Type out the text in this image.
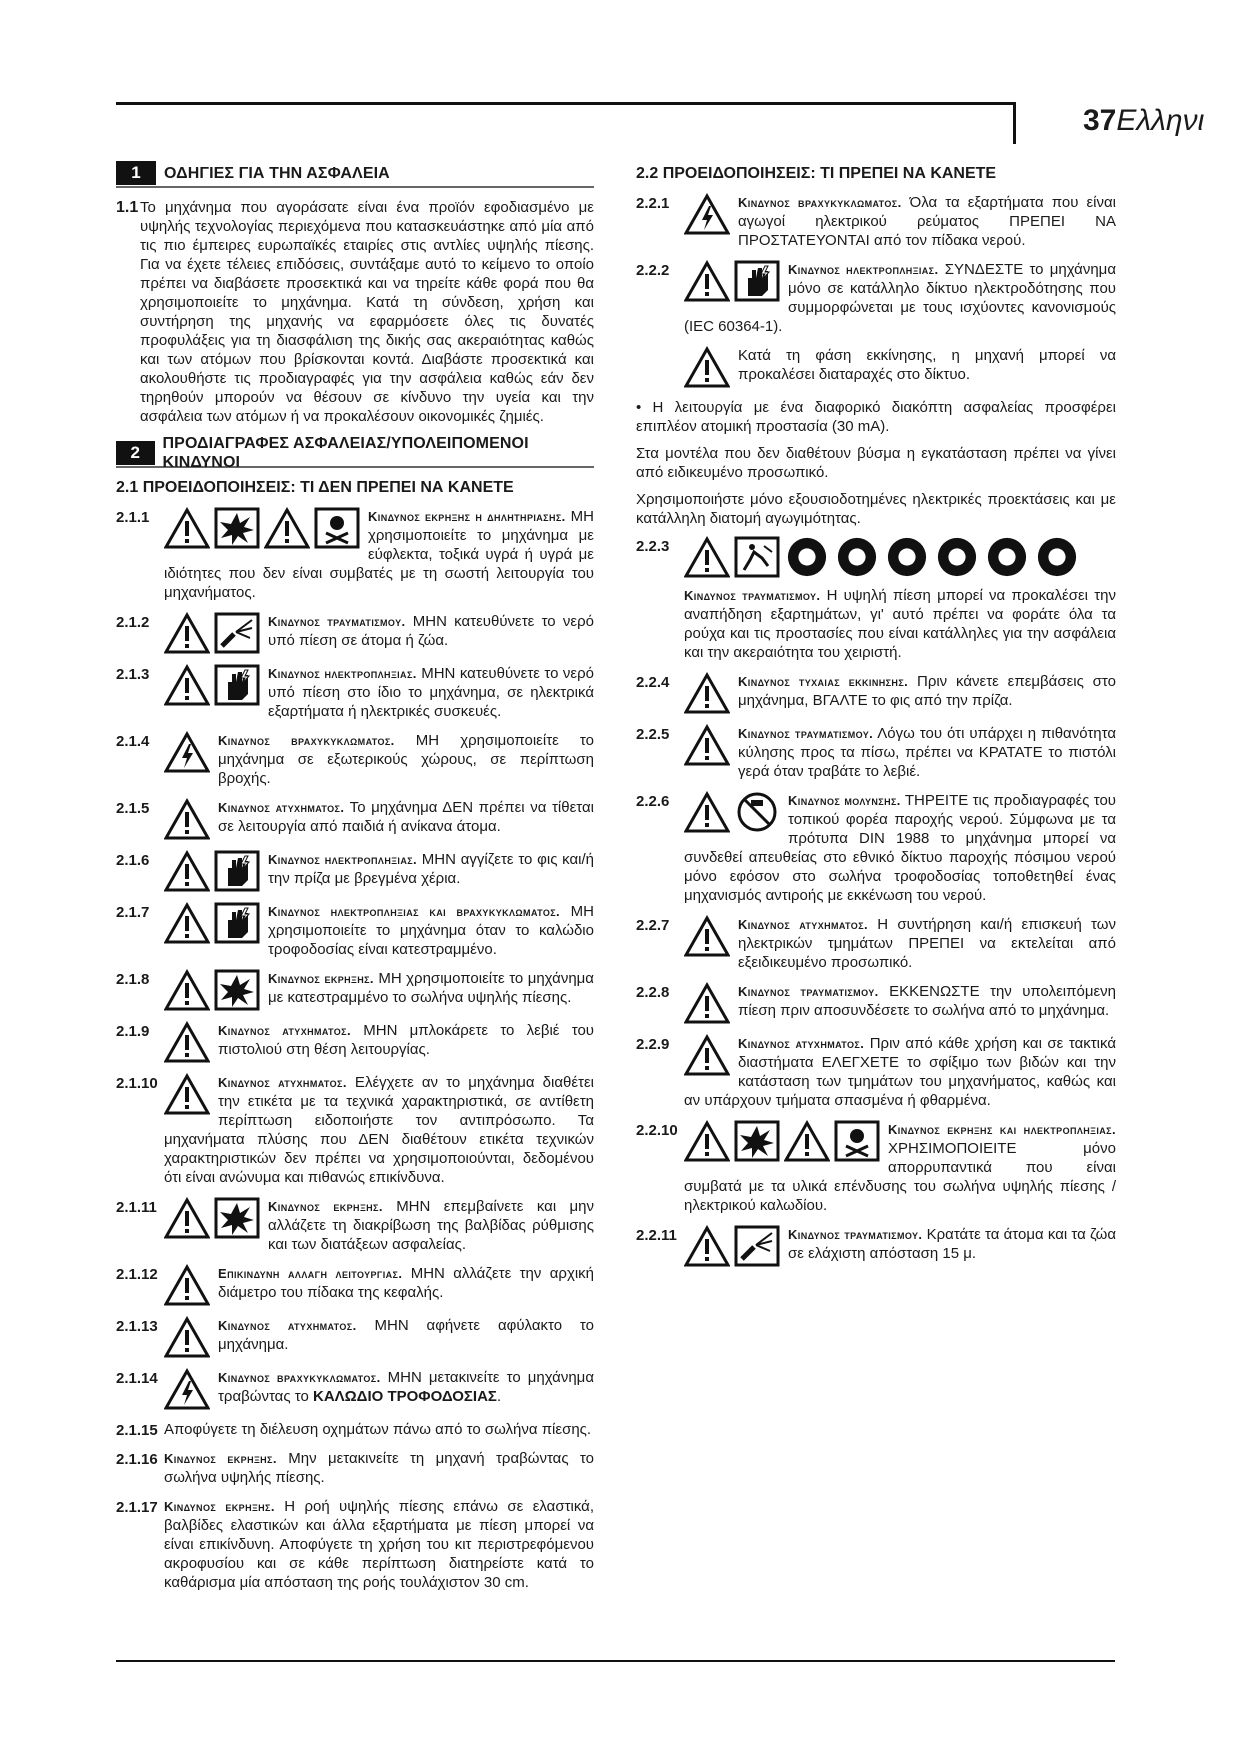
37Ελληνι
1	ΟΔΗΓΙΕΣ ΓΙΑ ΤΗΝ ΑΣΦΑΛΕΙΑ
1.1 Το μηχάνημα που αγοράσατε είναι ένα προϊόν εφοδιασμένο με υψηλής τεχνολογίας περιεχόμενα που κατασκευάστηκε από μία από τις πιο έμπειρες ευρωπαϊκές εταιρίες στις αντλίες υψηλής πίεσης. Για να έχετε τέλειες επιδόσεις, συντάξαμε αυτό το κείμενο το οποίο πρέπει να διαβάσετε προσεκτικά και να τηρείτε κάθε φορά που θα χρησιμοποιείτε το μηχάνημα. Κατά τη σύνδεση, χρήση και συντήρηση της μηχανής να εφαρμόσετε όλες τις δυνατές προφυλάξεις για τη διασφάλιση της δικής σας ακεραιότητας καθώς και των ατόμων που βρίσκονται κοντά. Διαβάστε προσεκτικά και ακολουθήστε τις προδιαγραφές για την ασφάλεια καθώς εάν δεν τηρηθούν μπορούν να θέσουν σε κίνδυνο την υγεία και την ασφάλεια των ατόμων ή να προκαλέσουν οικονομικές ζημιές.
2	ΠΡΟΔΙΑΓΡΑΦΕΣ ΑΣΦΑΛΕΙΑΣ/ΥΠΟΛΕΙΠΟΜΕΝΟΙ ΚΙΝΔΥΝΟΙ
2.1 ΠΡΟΕΙΔΟΠΟΙΗΣΕΙΣ: ΤΙ ΔΕΝ ΠΡΕΠΕΙ ΝΑ ΚΑΝΕΤΕ
2.1.1	Κινδυνος εκρηξης η δηλητηριασης. ΜΗ χρησιμοποιείτε το μηχάνημα με εύφλεκτα, τοξικά υγρά ή υγρά με ιδιότητες που δεν είναι συμβατές με τη σωστή λειτουργία του μηχανήματος.
2.1.2	Κινδυνος τραυματισμου. ΜΗΝ κατευθύνετε το νερό υπό πίεση σε άτομα ή ζώα.
2.1.3	Κινδυνος ηλεκτροπληξιας. ΜΗΝ κατευθύνετε το νερό υπό πίεση στο ίδιο το μηχάνημα, σε ηλεκτρικά εξαρτήματα ή ηλεκτρικές συσκευές.
2.1.4	Κινδυνος βραχυκυκλωματος. ΜΗ χρησιμοποιείτε το μηχάνημα σε εξωτερικούς χώρους, σε περίπτωση βροχής.
2.1.5	Κινδυνος ατυχηματος. Το μηχάνημα ΔΕΝ πρέπει να τίθεται σε λειτουργία από παιδιά ή ανίκανα άτομα.
2.1.6	Κινδυνος ηλεκτροπληξιας. ΜΗΝ αγγίζετε το φις και/ή την πρίζα με βρεγμένα χέρια.
2.1.7	Κινδυνος ηλεκτροπληξιας και βραχυκυκλωματος. ΜΗ χρησιμοποιείτε το μηχάνημα όταν το καλώδιο τροφοδοσίας είναι κατεστραμμένο.
2.1.8	Κινδυνος εκρηξης. ΜΗ χρησιμοποιείτε το μηχάνημα με κατεστραμμένο το σωλήνα υψηλής πίεσης.
2.1.9	Κινδυνος ατυχηματος. ΜΗΝ μπλοκάρετε το λεβιέ του πιστολιού στη θέση λειτουργίας.
2.1.10	Κινδυνος ατυχηματος. Ελέγχετε αν το μηχάνημα διαθέτει την ετικέτα με τα τεχνικά χαρακτηριστικά, σε αντίθετη περίπτωση ειδοποιήστε τον αντιπρόσωπο. Τα μηχανήματα πλύσης που ΔΕΝ διαθέτουν ετικέτα τεχνικών χαρακτηριστικών δεν πρέπει να χρησιμοποιούνται, δεδομένου ότι είναι ανώνυμα και πιθανώς επικίνδυνα.
2.1.11	Κινδυνος εκρηξης. ΜΗΝ επεμβαίνετε και μην αλλάζετε τη διακρίβωση της βαλβίδας ρύθμισης και των διατάξεων ασφαλείας.
2.1.12	Επικινδυνη αλλαγη λειτουργιας. ΜΗΝ αλλάζετε την αρχική διάμετρο του πίδακα της κεφαλής.
2.1.13	Κινδυνος ατυχηματος. ΜΗΝ αφήνετε αφύλακτο το μηχάνημα.
2.1.14	Κινδυνος βραχυκυκλωματος. ΜΗΝ μετακινείτε το μηχάνημα τραβώντας το ΚΑΛΩΔΙΟ ΤΡΟΦΟΔΟΣΙΑΣ.
2.1.15 Αποφύγετε τη διέλευση οχημάτων πάνω από το σωλήνα πίεσης.
2.1.16 Κινδυνος εκρηξης. Μην μετακινείτε τη μηχανή τραβώντας το σωλήνα υψηλής πίεσης.
2.1.17 Κινδυνος εκρηξης. Η ροή υψηλής πίεσης επάνω σε ελαστικά, βαλβίδες ελαστικών και άλλα εξαρτήματα με πίεση μπορεί να είναι επικίνδυνη. Αποφύγετε τη χρήση του κιτ περιστρεφόμενου ακροφυσίου και σε κάθε περίπτωση διατηρείστε κατά το καθάρισμα μία απόσταση της ροής τουλάχιστον 30 cm.
2.2 ΠΡΟΕΙΔΟΠΟΙΗΣΕΙΣ: ΤΙ ΠΡΕΠΕΙ ΝΑ ΚΑΝΕΤΕ
2.2.1	Κινδυνος βραχυκυκλωματος. Όλα τα εξαρτήματα που είναι αγωγοί ηλεκτρικού ρεύματος ΠΡΕΠΕΙ ΝΑ ΠΡΟΣΤΑΤΕΥΟΝΤΑΙ από τον πίδακα νερού.
2.2.2	Κινδυνος ηλεκτροπληξιας. ΣΥΝΔΕΣΤΕ το μηχάνημα μόνο σε κατάλληλο δίκτυο ηλεκτροδότησης που συμμορφώνεται με τους ισχύοντες κανονισμούς (IEC 60364-1).
Κατά τη φάση εκκίνησης, η μηχανή μπορεί να προκαλέσει διαταραχές στο δίκτυο.
• Η λειτουργία με ένα διαφορικό διακόπτη ασφαλείας προσφέρει επιπλέον ατομική προστασία (30 mA).
Στα μοντέλα που δεν διαθέτουν βύσμα η εγκατάσταση πρέπει να γίνει από ειδικευμένο προσωπικό.
Χρησιμοποιήστε μόνο εξουσιοδοτημένες ηλεκτρικές προεκτάσεις και με κατάλληλη διατομή αγωγιμότητας.
2.2.3
Κινδυνος τραυματισμου. Η υψηλή πίεση μπορεί να προκαλέσει την αναπήδηση εξαρτημάτων, γι' αυτό πρέπει να φοράτε όλα τα ρούχα και τις προστασίες που είναι κατάλληλες για την ασφάλεια και την ακεραιότητα του χειριστή.
2.2.4	Κινδυνος τυχαιας εκκινησης. Πριν κάνετε επεμβάσεις στο μηχάνημα, ΒΓΑΛΤΕ το φις από την πρίζα.
2.2.5	Κινδυνος τραυματισμου. Λόγω του ότι υπάρχει η πιθανότητα κύλησης προς τα πίσω, πρέπει να ΚΡΑΤΑΤΕ το πιστόλι γερά όταν τραβάτε το λεβιέ.
2.2.6	Κινδυνος μολυνσης. ΤΗΡΕΙΤΕ τις προδιαγραφές του τοπικού φορέα παροχής νερού. Σύμφωνα με τα πρότυπα DIN 1988 το μηχάνημα μπορεί να συνδεθεί απευθείας στο εθνικό δίκτυο παροχής πόσιμου νερού μόνο εφόσον στο σωλήνα τροφοδοσίας τοποθετηθεί ένας μηχανισμός αντιροής με εκκένωση του νερού.
2.2.7	Κινδυνος ατυχηματος. Η συντήρηση και/ή επισκευή των ηλεκτρικών τμημάτων ΠΡΕΠΕΙ να εκτελείται από εξειδικευμένο προσωπικό.
2.2.8	Κινδυνος τραυματισμου. ΕΚΚΕΝΩΣΤΕ την υπολειπόμενη πίεση πριν αποσυνδέσετε το σωλήνα από το μηχάνημα.
2.2.9	Κινδυνος ατυχηματος. Πριν από κάθε χρήση και σε τακτικά διαστήματα ΕΛΕΓΧΕΤΕ το σφίξιμο των βιδών και την κατάσταση των τμημάτων του μηχανήματος, καθώς και αν υπάρχουν τμήματα σπασμένα ή φθαρμένα.
2.2.10	Κινδυνος εκρηξης και ηλεκτροπληξιας. ΧΡΗΣΙΜΟΠΟΙΕΙΤΕ μόνο απορρυπαντικά που είναι συμβατά με τα υλικά επένδυσης του σωλήνα υψηλής πίεσης / ηλεκτρικού καλωδίου.
2.2.11	Κινδυνος τραυματισμου. Κρατάτε τα άτομα και τα ζώα σε ελάχιστη απόσταση 15 μ.
